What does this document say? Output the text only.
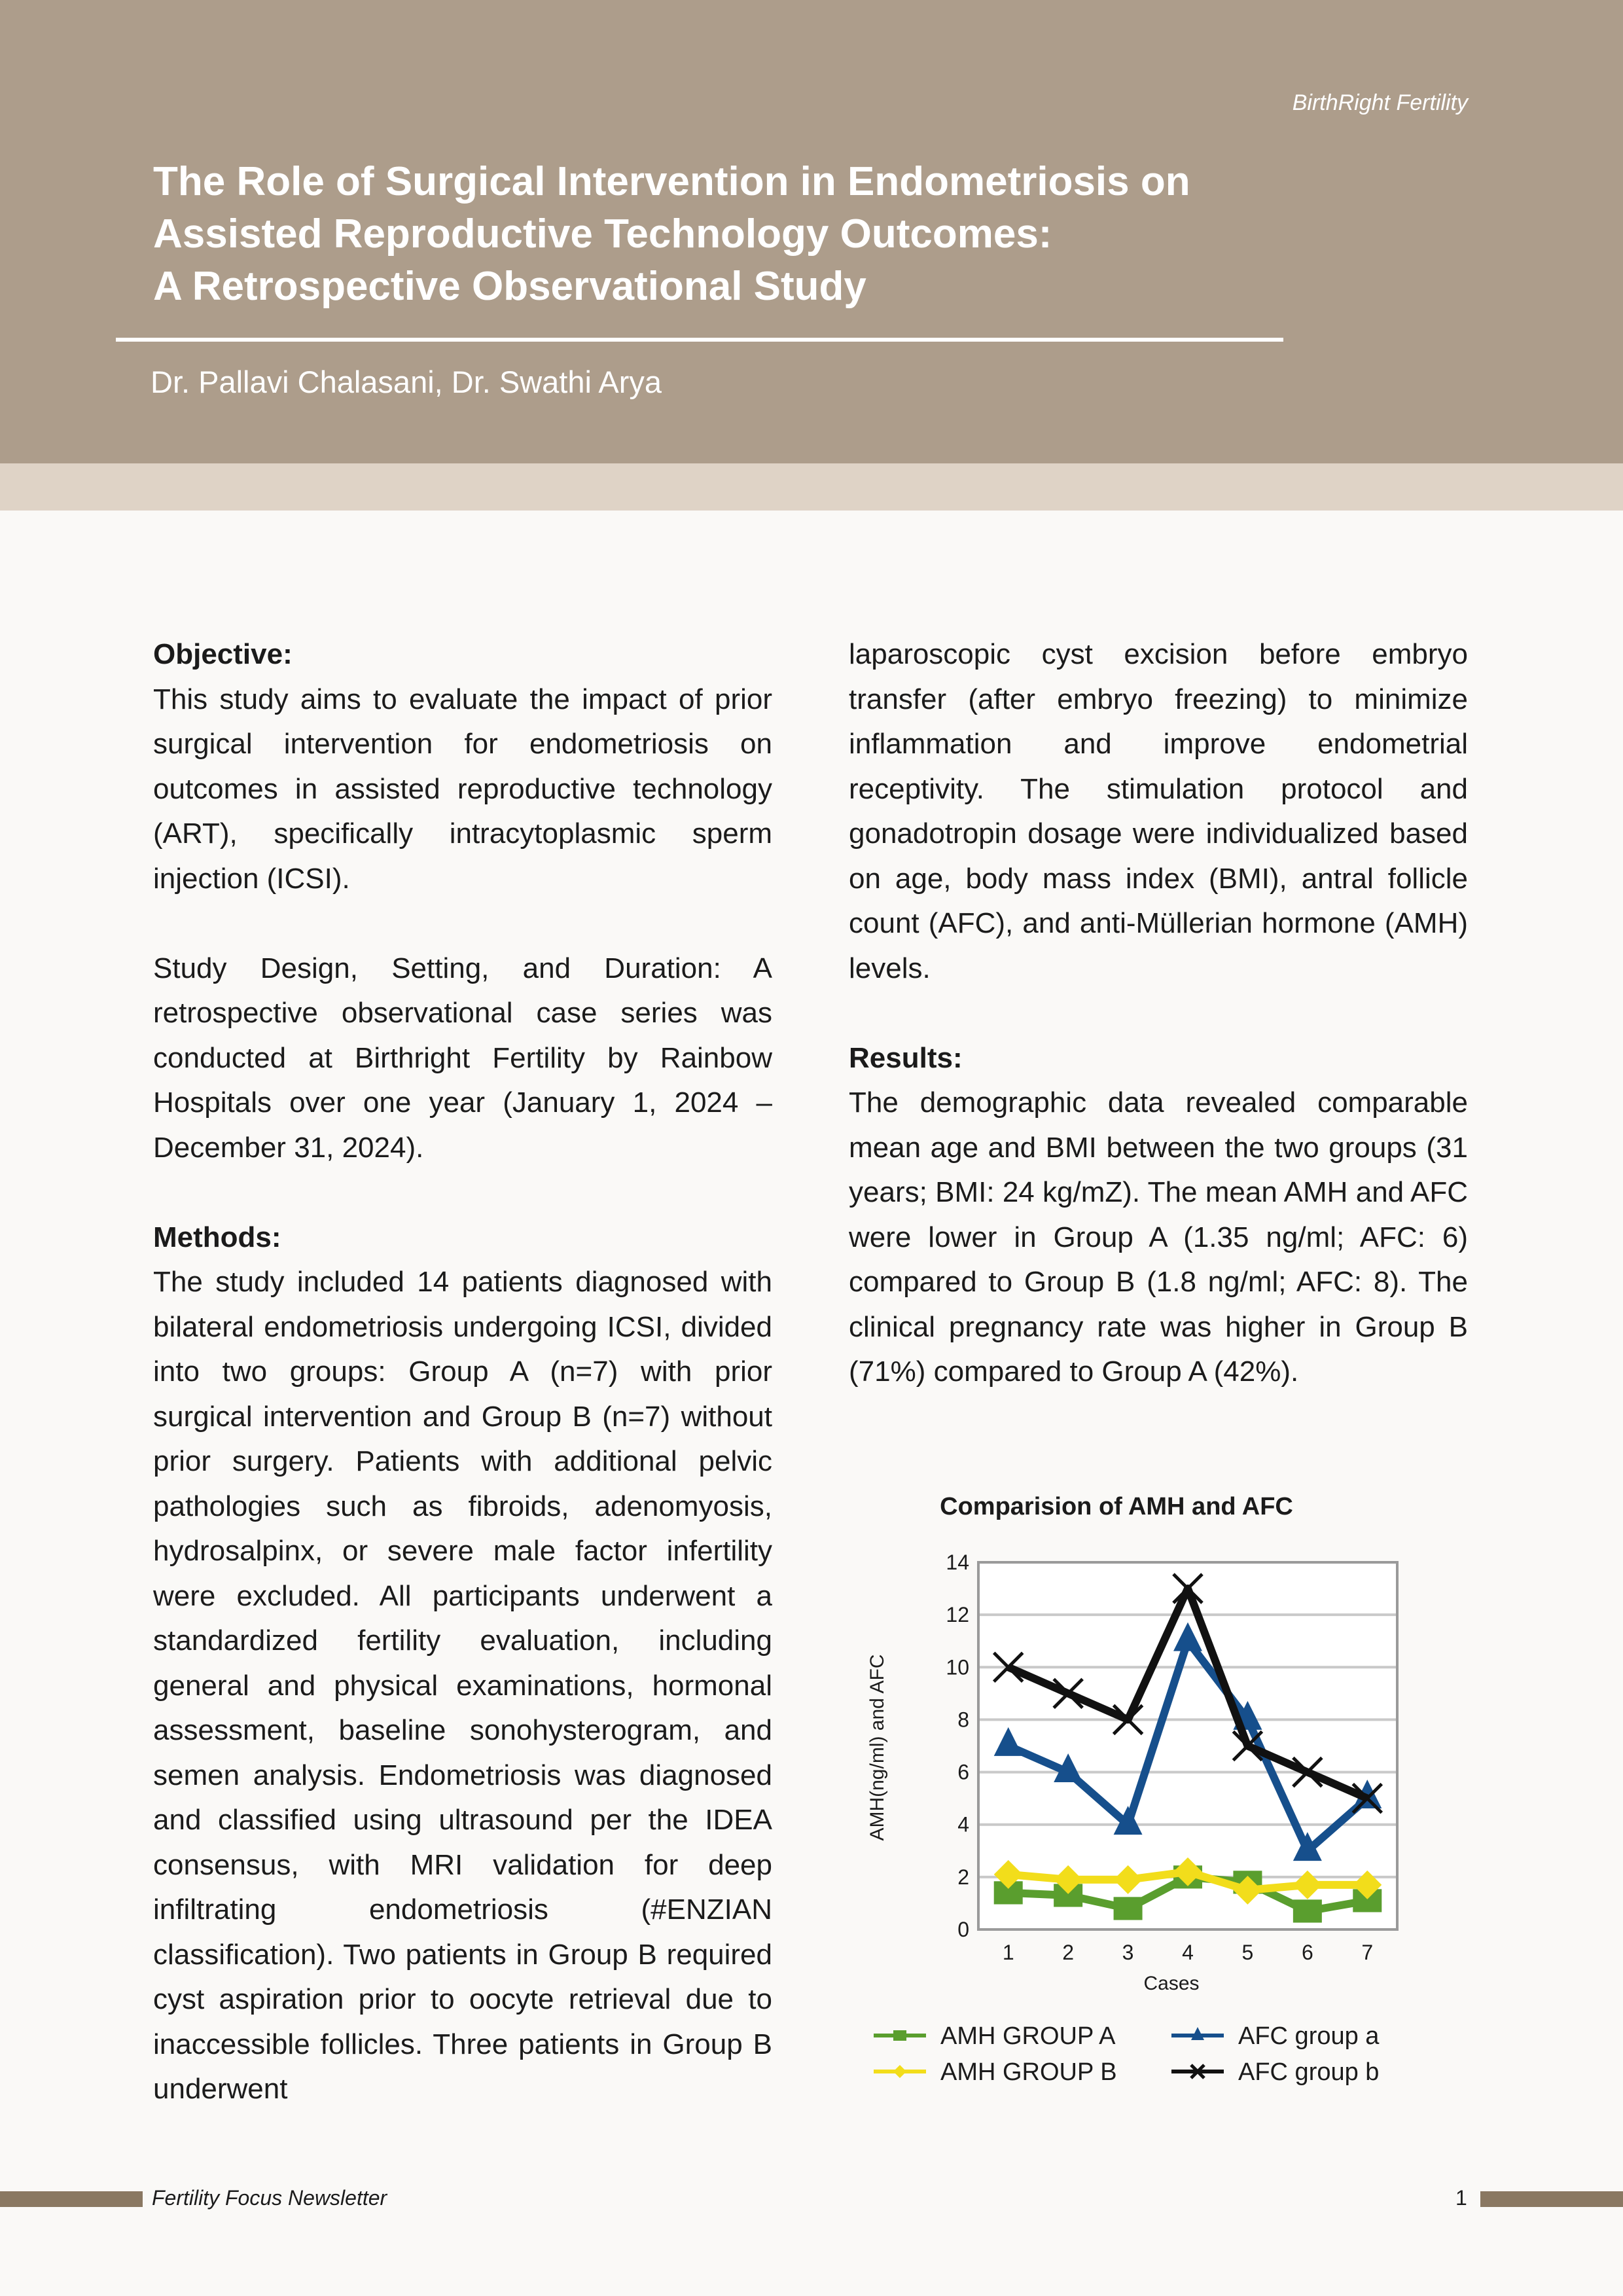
BirthRight Fertility
The Role of Surgical Intervention in Endometriosis on
Assisted Reproductive Technology Outcomes:
A Retrospective Observational Study
Dr. Pallavi Chalasani, Dr. Swathi Arya
Objective:

This study aims to evaluate the impact of prior surgical intervention for endometriosis on outcomes in assisted reproductive technology (ART), specifically intracytoplasmic sperm injection (ICSI).

Study Design, Setting, and Duration: A retrospective observational case series was conducted at Birthright Fertility by Rainbow Hospitals over one year (January 1, 2024 – December 31, 2024).

Methods:

The study included 14 patients diagnosed with bilateral endometriosis undergoing ICSI, divided into two groups: Group A (n=7) with prior surgical intervention and Group B (n=7) without prior surgery. Patients with additional pelvic pathologies such as fibroids, adenomyosis, hydrosalpinx, or severe male factor infertility were excluded. All participants underwent a standardized fertility evaluation, including general and physical examinations, hormonal assessment, baseline sonohysterogram, and semen analysis. Endometriosis was diagnosed and classified using ultrasound per the IDEA consensus, with MRI validation for deep infiltrating endometriosis (#ENZIAN classification). Two patients in Group B required cyst aspiration prior to oocyte retrieval due to inaccessible follicles. Three patients in Group B underwent

laparoscopic cyst excision before embryo transfer (after embryo freezing) to minimize inflammation and improve endometrial receptivity. The stimulation protocol and gonadotropin dosage were individualized based on age, body mass index (BMI), antral follicle count (AFC), and anti-Müllerian hormone (AMH) levels.

Results:

The demographic data revealed comparable mean age and BMI between the two groups (31 years; BMI: 24 kg/mZ). The mean AMH and AFC were lower in Group A (1.35 ng/ml; AFC: 6) compared to Group B (1.8 ng/ml; AFC: 8). The clinical pregnancy rate was higher in Group B (71%) compared to Group A (42%).

Comparision of AMH and AFC
AMH(ng/ml) and AFC
Cases
0
2
4
6
8
10
12
14
1 2 3 4 5 6 7
AMH GROUP A
AMH GROUP B
AFC group a
AFC group b
Fertility Focus Newsletter	1
